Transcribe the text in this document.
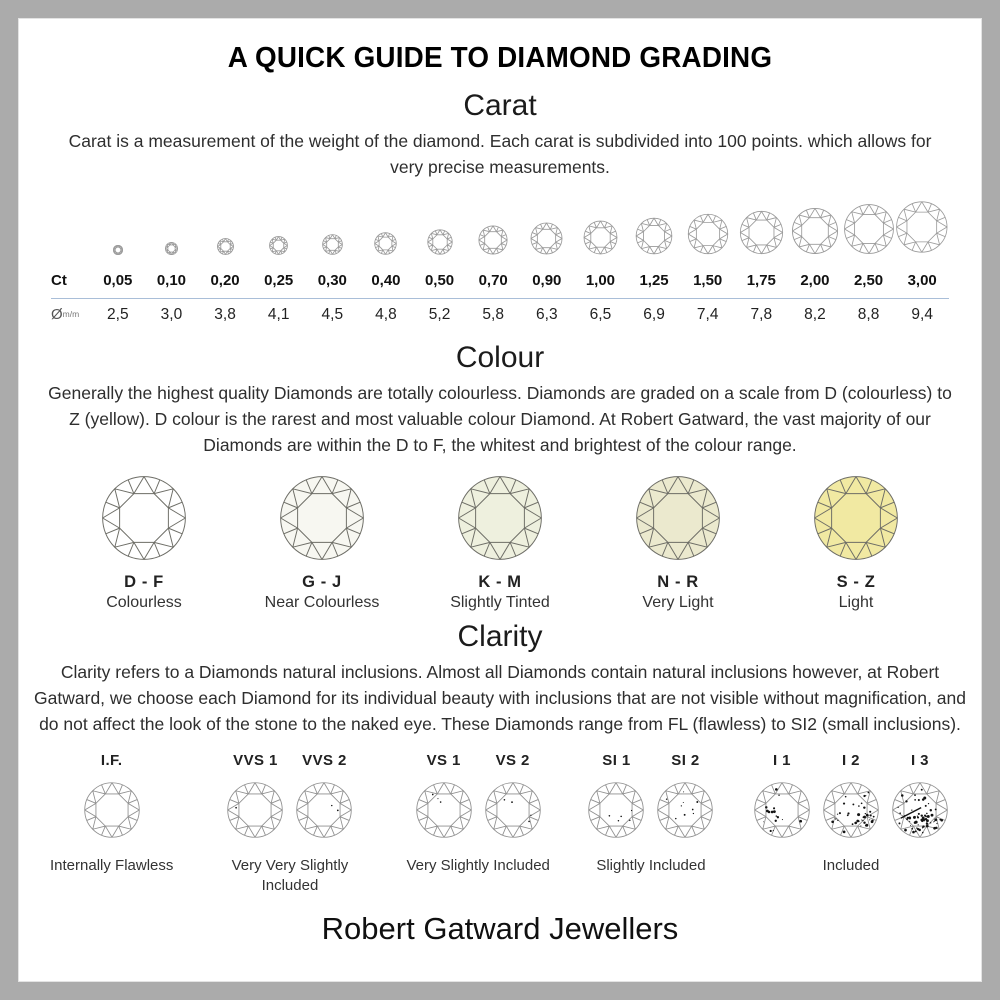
A QUICK GUIDE TO DIAMOND GRADING
Carat

Carat is a measurement of the weight of the diamond. Each carat is subdivided into 100 points. which allows for very precise measurements.

Ct	0,05	0,10	0,20	0,25	0,30	0,40	0,50	0,70	0,90	1,00	1,25	1,50	1,75	2,00	2,50	3,00
Øm/m	2,5	3,0	3,8	4,1	4,5	4,8	5,2	5,8	6,3	6,5	6,9	7,4	7,8	8,2	8,8	9,4
Colour

Generally the highest quality Diamonds are totally colourless. Diamonds are graded on a scale from D (colourless) to Z (yellow). D colour is the rarest and most valuable colour Diamond. At Robert Gatward, the vast majority of our Diamonds are within the D to F, the whitest and brightest of the colour range.

D - F
Colourless
G - J
Near Colourless
K - M
Slightly Tinted
N - R
Very Light
S - Z
Light
Clarity

Clarity refers to a Diamonds natural inclusions. Almost all Diamonds contain natural inclusions however, at Robert Gatward, we choose each Diamond for its individual beauty with inclusions that are not visible without magnification, and do not affect the look of the stone to the naked eye. These Diamonds range from FL (flawless) to SI2 (small inclusions).

I.F.
Internally Flawless
VVS 1 VVS 2
Very Very Slightly Included
VS 1 VS 2
Very Slightly Included
SI 1	SI 2
Slightly Included
I 1	I 2	I 3
Included
Robert Gatward Jewellers
